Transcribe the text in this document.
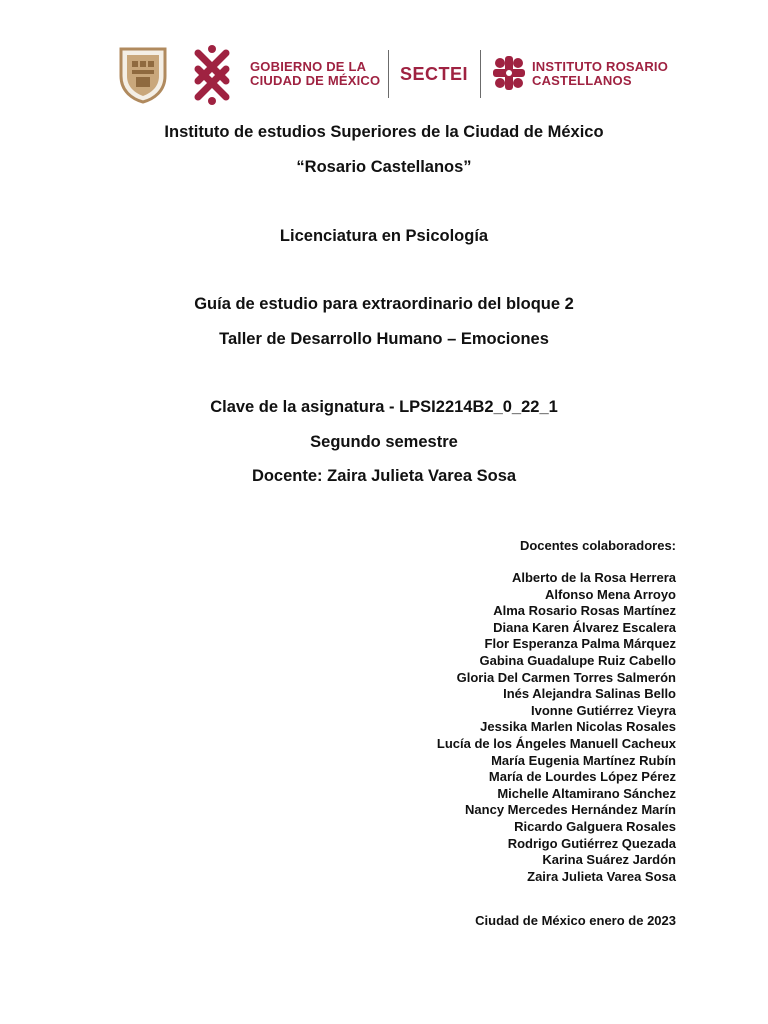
GOBIERNO DE LA
CIUDAD DE MÉXICO SECTEI	INSTITUTO ROSARIO
CASTELLANOS
Instituto de estudios Superiores de la Ciudad de México
“Rosario Castellanos”
Licenciatura en Psicología
Guía de estudio para extraordinario del bloque 2
Taller de Desarrollo Humano – Emociones
Clave de la asignatura - LPSI2214B2_0_22_1
Segundo semestre
Docente: Zaira Julieta Varea Sosa
Docentes colaboradores:
Alberto de la Rosa Herrera
Alfonso Mena Arroyo
Alma Rosario Rosas Martínez
Diana Karen Álvarez Escalera
Flor Esperanza Palma Márquez
Gabina Guadalupe Ruiz Cabello
Gloria Del Carmen Torres Salmerón
Inés Alejandra Salinas Bello
Ivonne Gutiérrez Vieyra
Jessika Marlen Nicolas Rosales
Lucía de los Ángeles Manuell Cacheux
María Eugenia Martínez Rubín
María de Lourdes López Pérez
Michelle Altamirano Sánchez
Nancy Mercedes Hernández Marín
Ricardo Galguera Rosales
Rodrigo Gutiérrez Quezada
Karina Suárez Jardón
Zaira Julieta Varea Sosa
Ciudad de México enero de 2023
